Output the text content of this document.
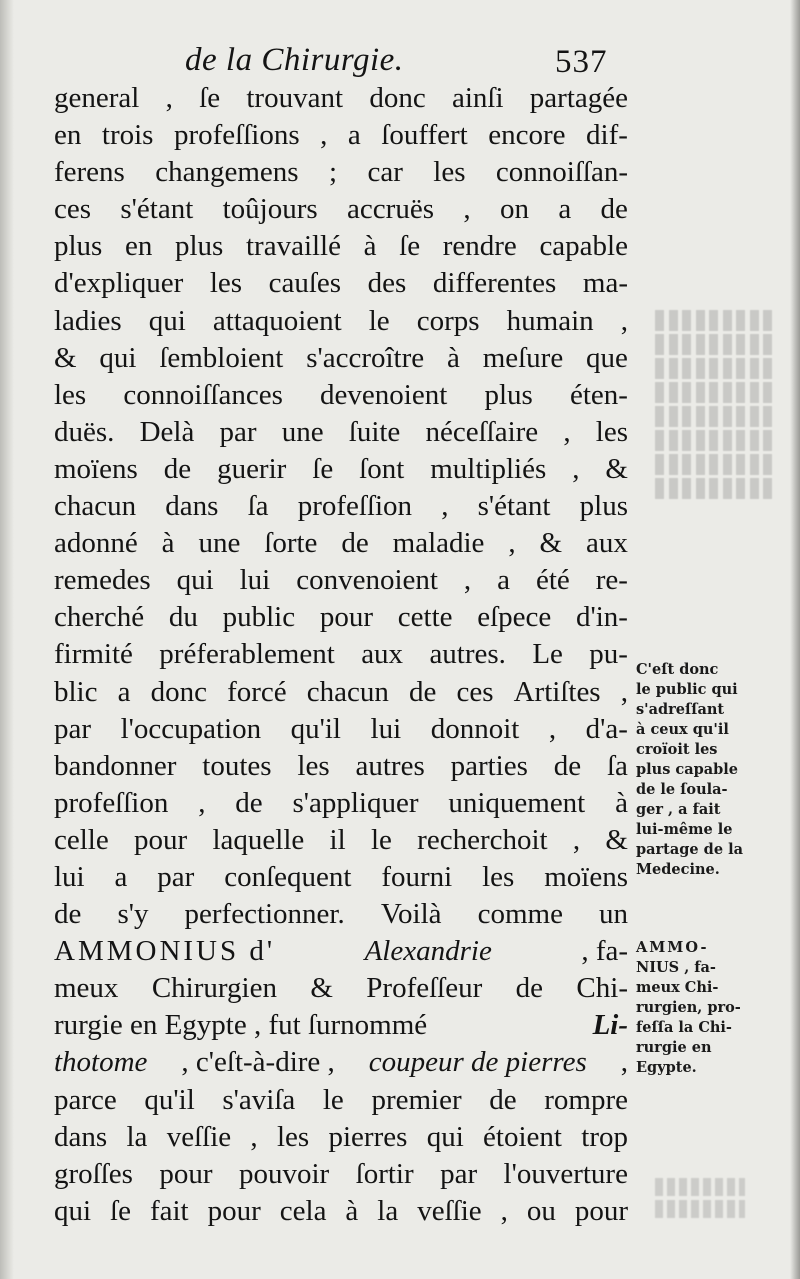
de la Chirurgie.	537
general , ſe trouvant donc ainſi partagée
en trois profeſſions , a ſouffert encore dif-
ferens changemens ; car les connoiſſan-
ces s'étant toûjours accruës , on a de
plus en plus travaillé à ſe rendre capable
d'expliquer les cauſes des differentes ma-
ladies qui attaquoient le corps humain ,
& qui ſembloient s'accroître à meſure que
les connoiſſances devenoient plus éten-
duës. Delà par une ſuite néceſſaire , les
moïens de guerir ſe ſont multipliés , &
chacun dans ſa profeſſion , s'étant plus
adonné à une ſorte de maladie , & aux
remedes qui lui convenoient , a été re-
cherché du public pour cette eſpece d'in-
firmité préferablement aux autres. Le pu-
blic a donc forcé chacun de ces Artiſtes ,
par l'occupation qu'il lui donnoit , d'a-
bandonner toutes les autres parties de ſa
profeſſion , de s'appliquer uniquement à
celle pour laquelle il le recherchoit , &
lui a par conſequent fourni les moïens
de s'y perfectionner. Voilà comme un
AMMONIUS d'	Alexandrie	, fa-
meux Chirurgien & Profeſſeur de Chi-
rurgie en Egypte , fut ſurnommé	Li-
thotome , c'eſt-à-dire , coupeur de pierres ,
parce qu'il s'aviſa le premier de rompre
dans la veſſie , les pierres qui étoient trop
groſſes pour pouvoir ſortir par l'ouverture
qui ſe fait pour cela à la veſſie , ou pour
C'eſt donc
le public qui
s'adreſſant
à ceux qu'il
croïoit les
plus capable
de le ſoula-
ger , a fait
lui-même le
partage de la
Medecine.
AMMO-
NIUS , fa-
meux Chi-
rurgien, pro-
feſſa la Chi-
rurgie en
Egypte.
